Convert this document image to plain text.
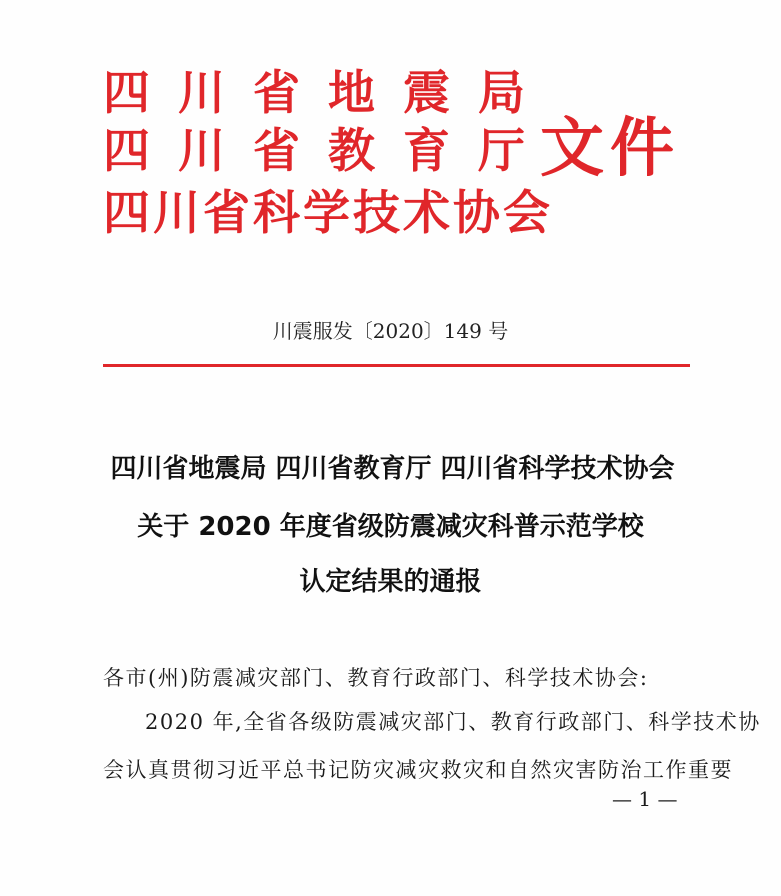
四川省地震局
四川省教育厅
四川省科学技术协会
文件
川震服发〔2020〕149 号
四川省地震局 四川省教育厅 四川省科学技术协会
关于 2020 年度省级防震减灾科普示范学校
认定结果的通报
各市(州)防震减灾部门、教育行政部门、科学技术协会:
2020 年,全省各级防震减灾部门、教育行政部门、科学技术协
会认真贯彻习近平总书记防灾减灾救灾和自然灾害防治工作重要
— 1 —
